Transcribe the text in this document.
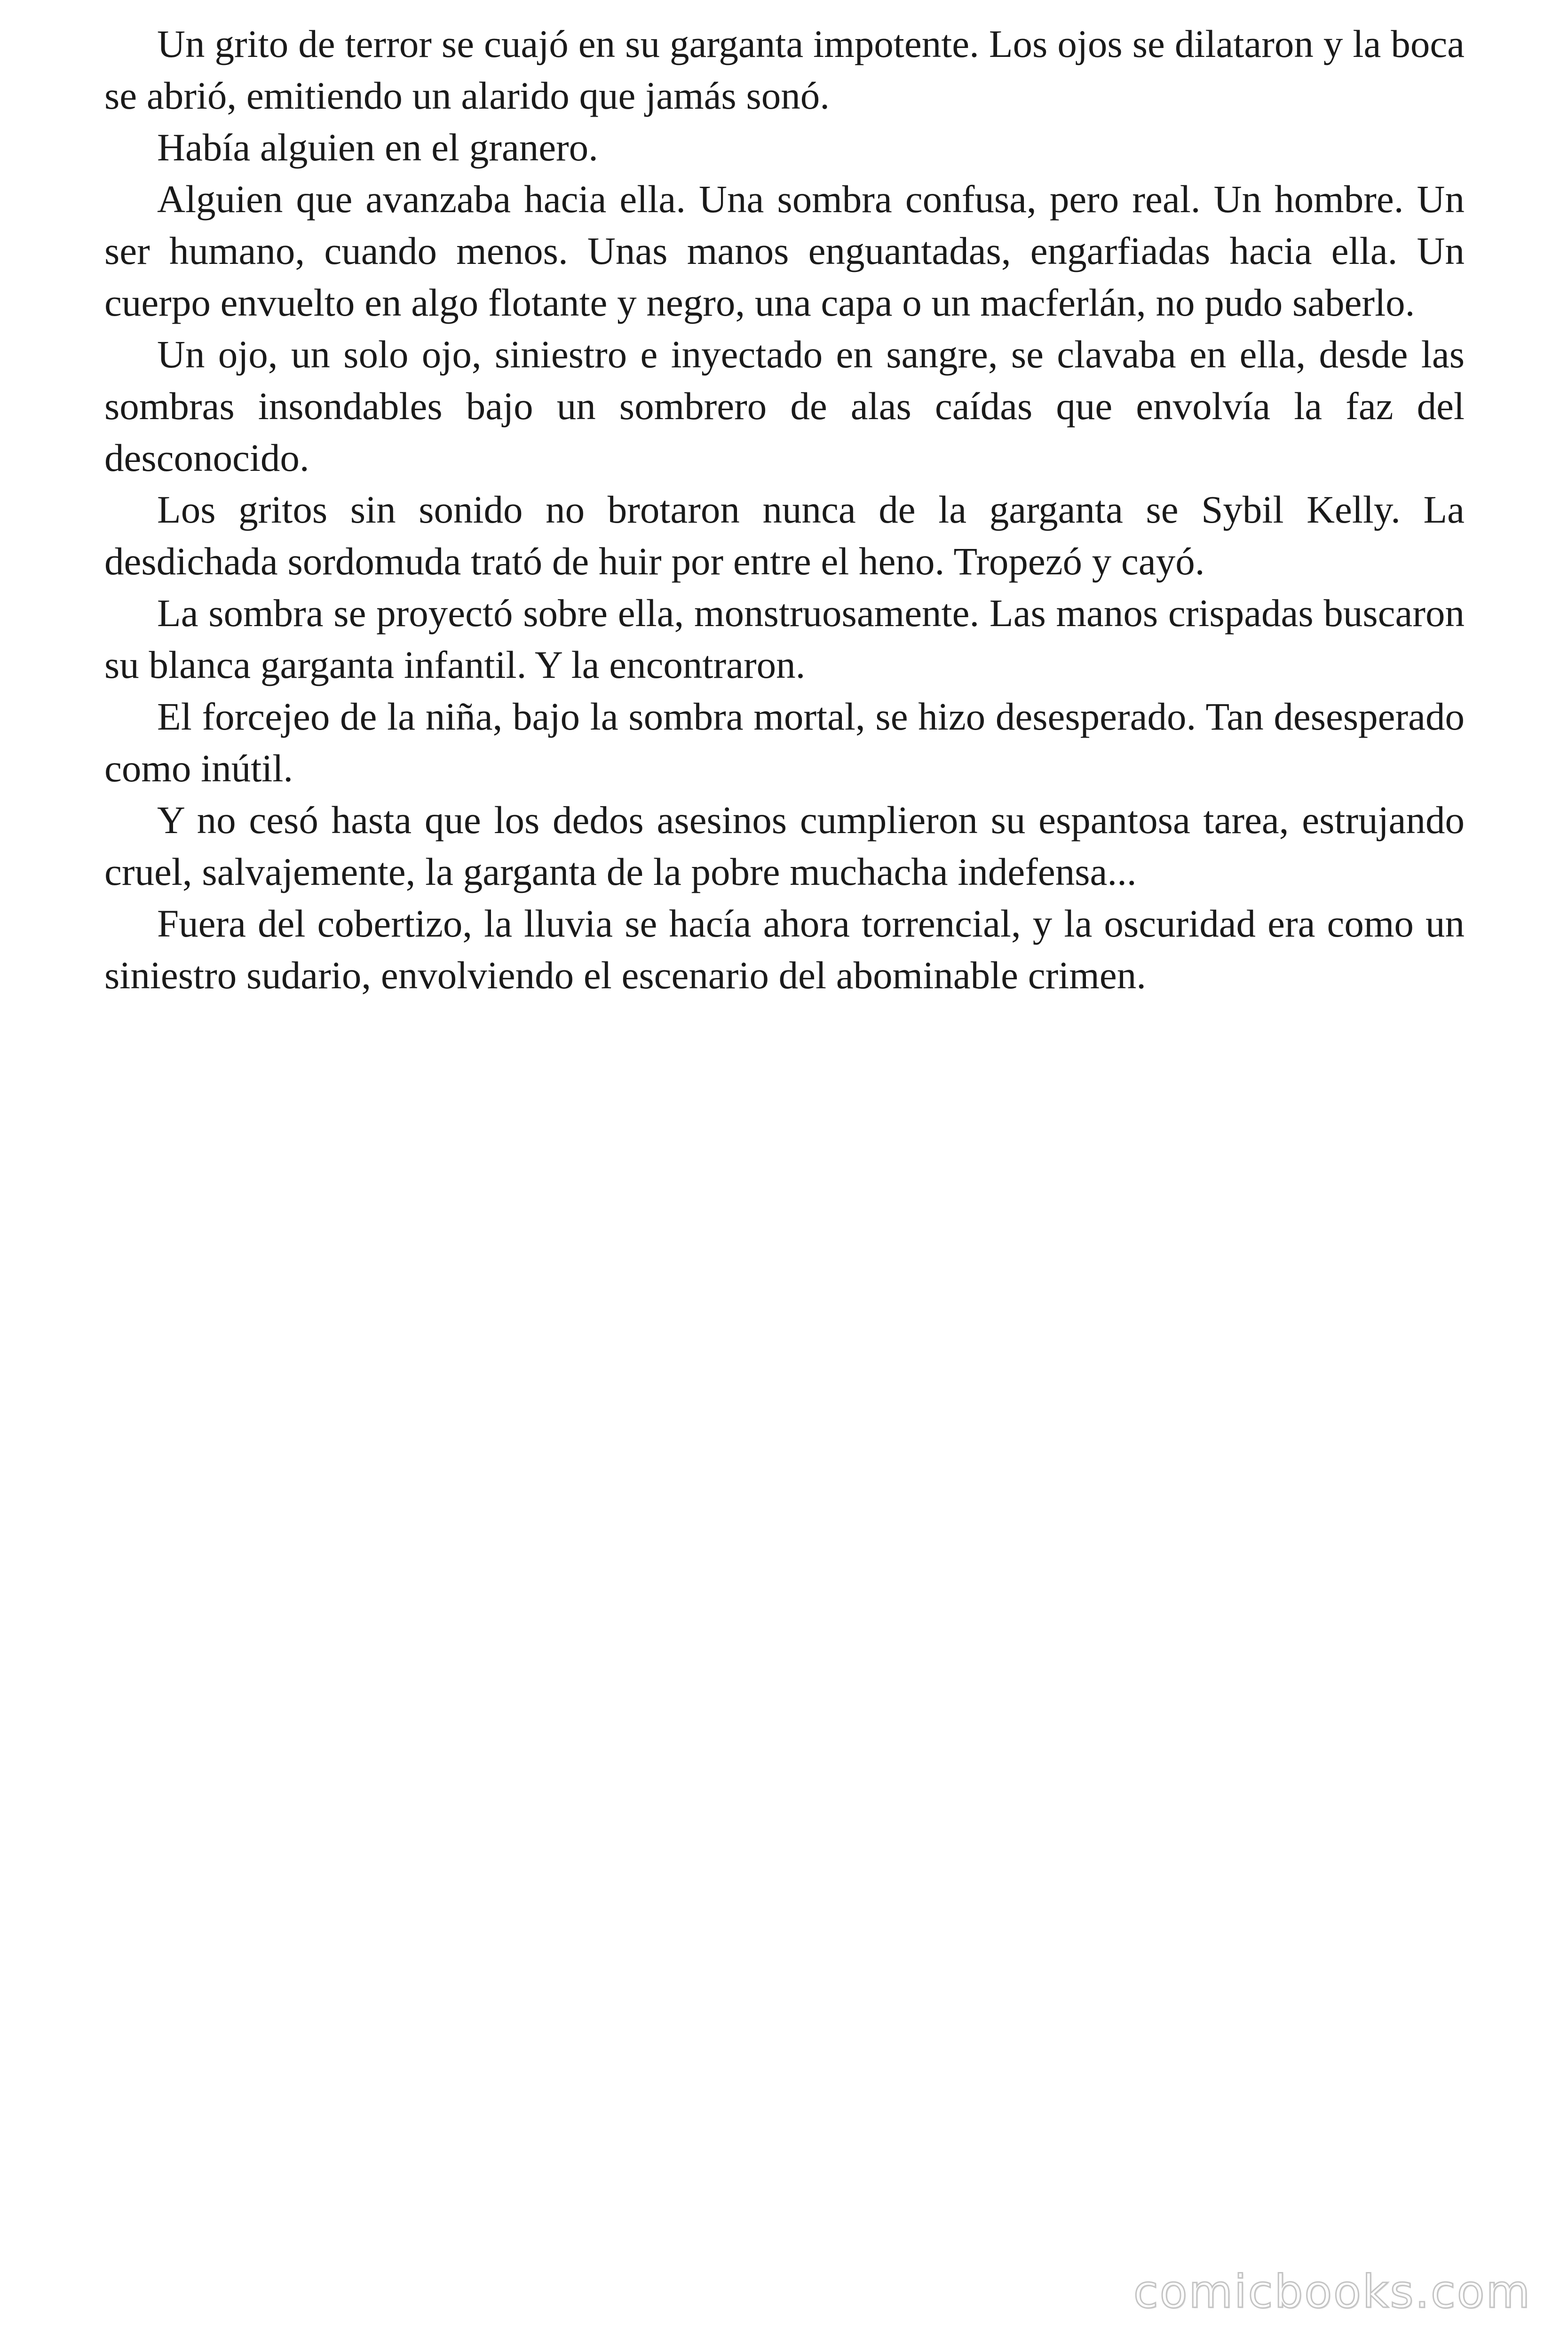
Un grito de terror se cuajó en su garganta impotente. Los ojos se dilataron y la boca se abrió, emitiendo un alarido que jamás sonó.

Había alguien en el granero.

Alguien que avanzaba hacia ella. Una sombra confusa, pero real. Un hombre. Un ser humano, cuando menos. Unas manos enguantadas, engarfiadas hacia ella. Un cuerpo envuelto en algo flotante y negro, una capa o un macferlán, no pudo saberlo.

Un ojo, un solo ojo, siniestro e inyectado en sangre, se clavaba en ella, desde las sombras insondables bajo un sombrero de alas caídas que envolvía la faz del desconocido.

Los gritos sin sonido no brotaron nunca de la garganta se Sybil Kelly. La desdichada sordomuda trató de huir por entre el heno. Tropezó y cayó.

La sombra se proyectó sobre ella, monstruosamente. Las manos crispadas buscaron su blanca garganta infantil. Y la encontraron.

El forcejeo de la niña, bajo la sombra mortal, se hizo desesperado. Tan desesperado como inútil.

Y no cesó hasta que los dedos asesinos cumplieron su espantosa tarea, estrujando cruel, salvajemente, la garganta de la pobre muchacha indefensa...

Fuera del cobertizo, la lluvia se hacía ahora torrencial, y la oscuridad era como un siniestro sudario, envolviendo el escenario del abominable crimen.

comicbooks.com
